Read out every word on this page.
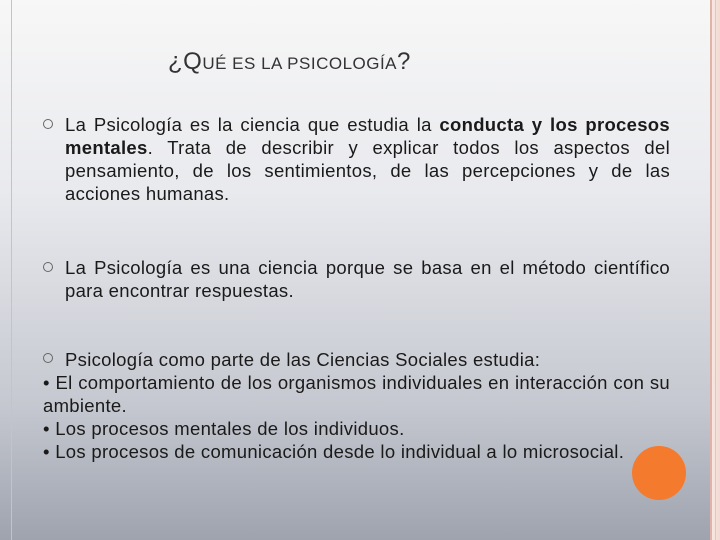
¿QUÉ ES LA PSICOLOGÍA?
La Psicología es la ciencia que estudia la conducta y los procesos mentales. Trata de describir y explicar todos los aspectos del pensamiento, de los sentimientos, de las percepciones y de las acciones humanas.
La Psicología es una ciencia porque se basa en el método científico para encontrar respuestas.
Psicología como parte de las Ciencias Sociales estudia:
• El comportamiento de los organismos individuales en interacción con su ambiente.
• Los procesos mentales de los individuos.
• Los procesos de comunicación desde lo individual a lo microsocial.
